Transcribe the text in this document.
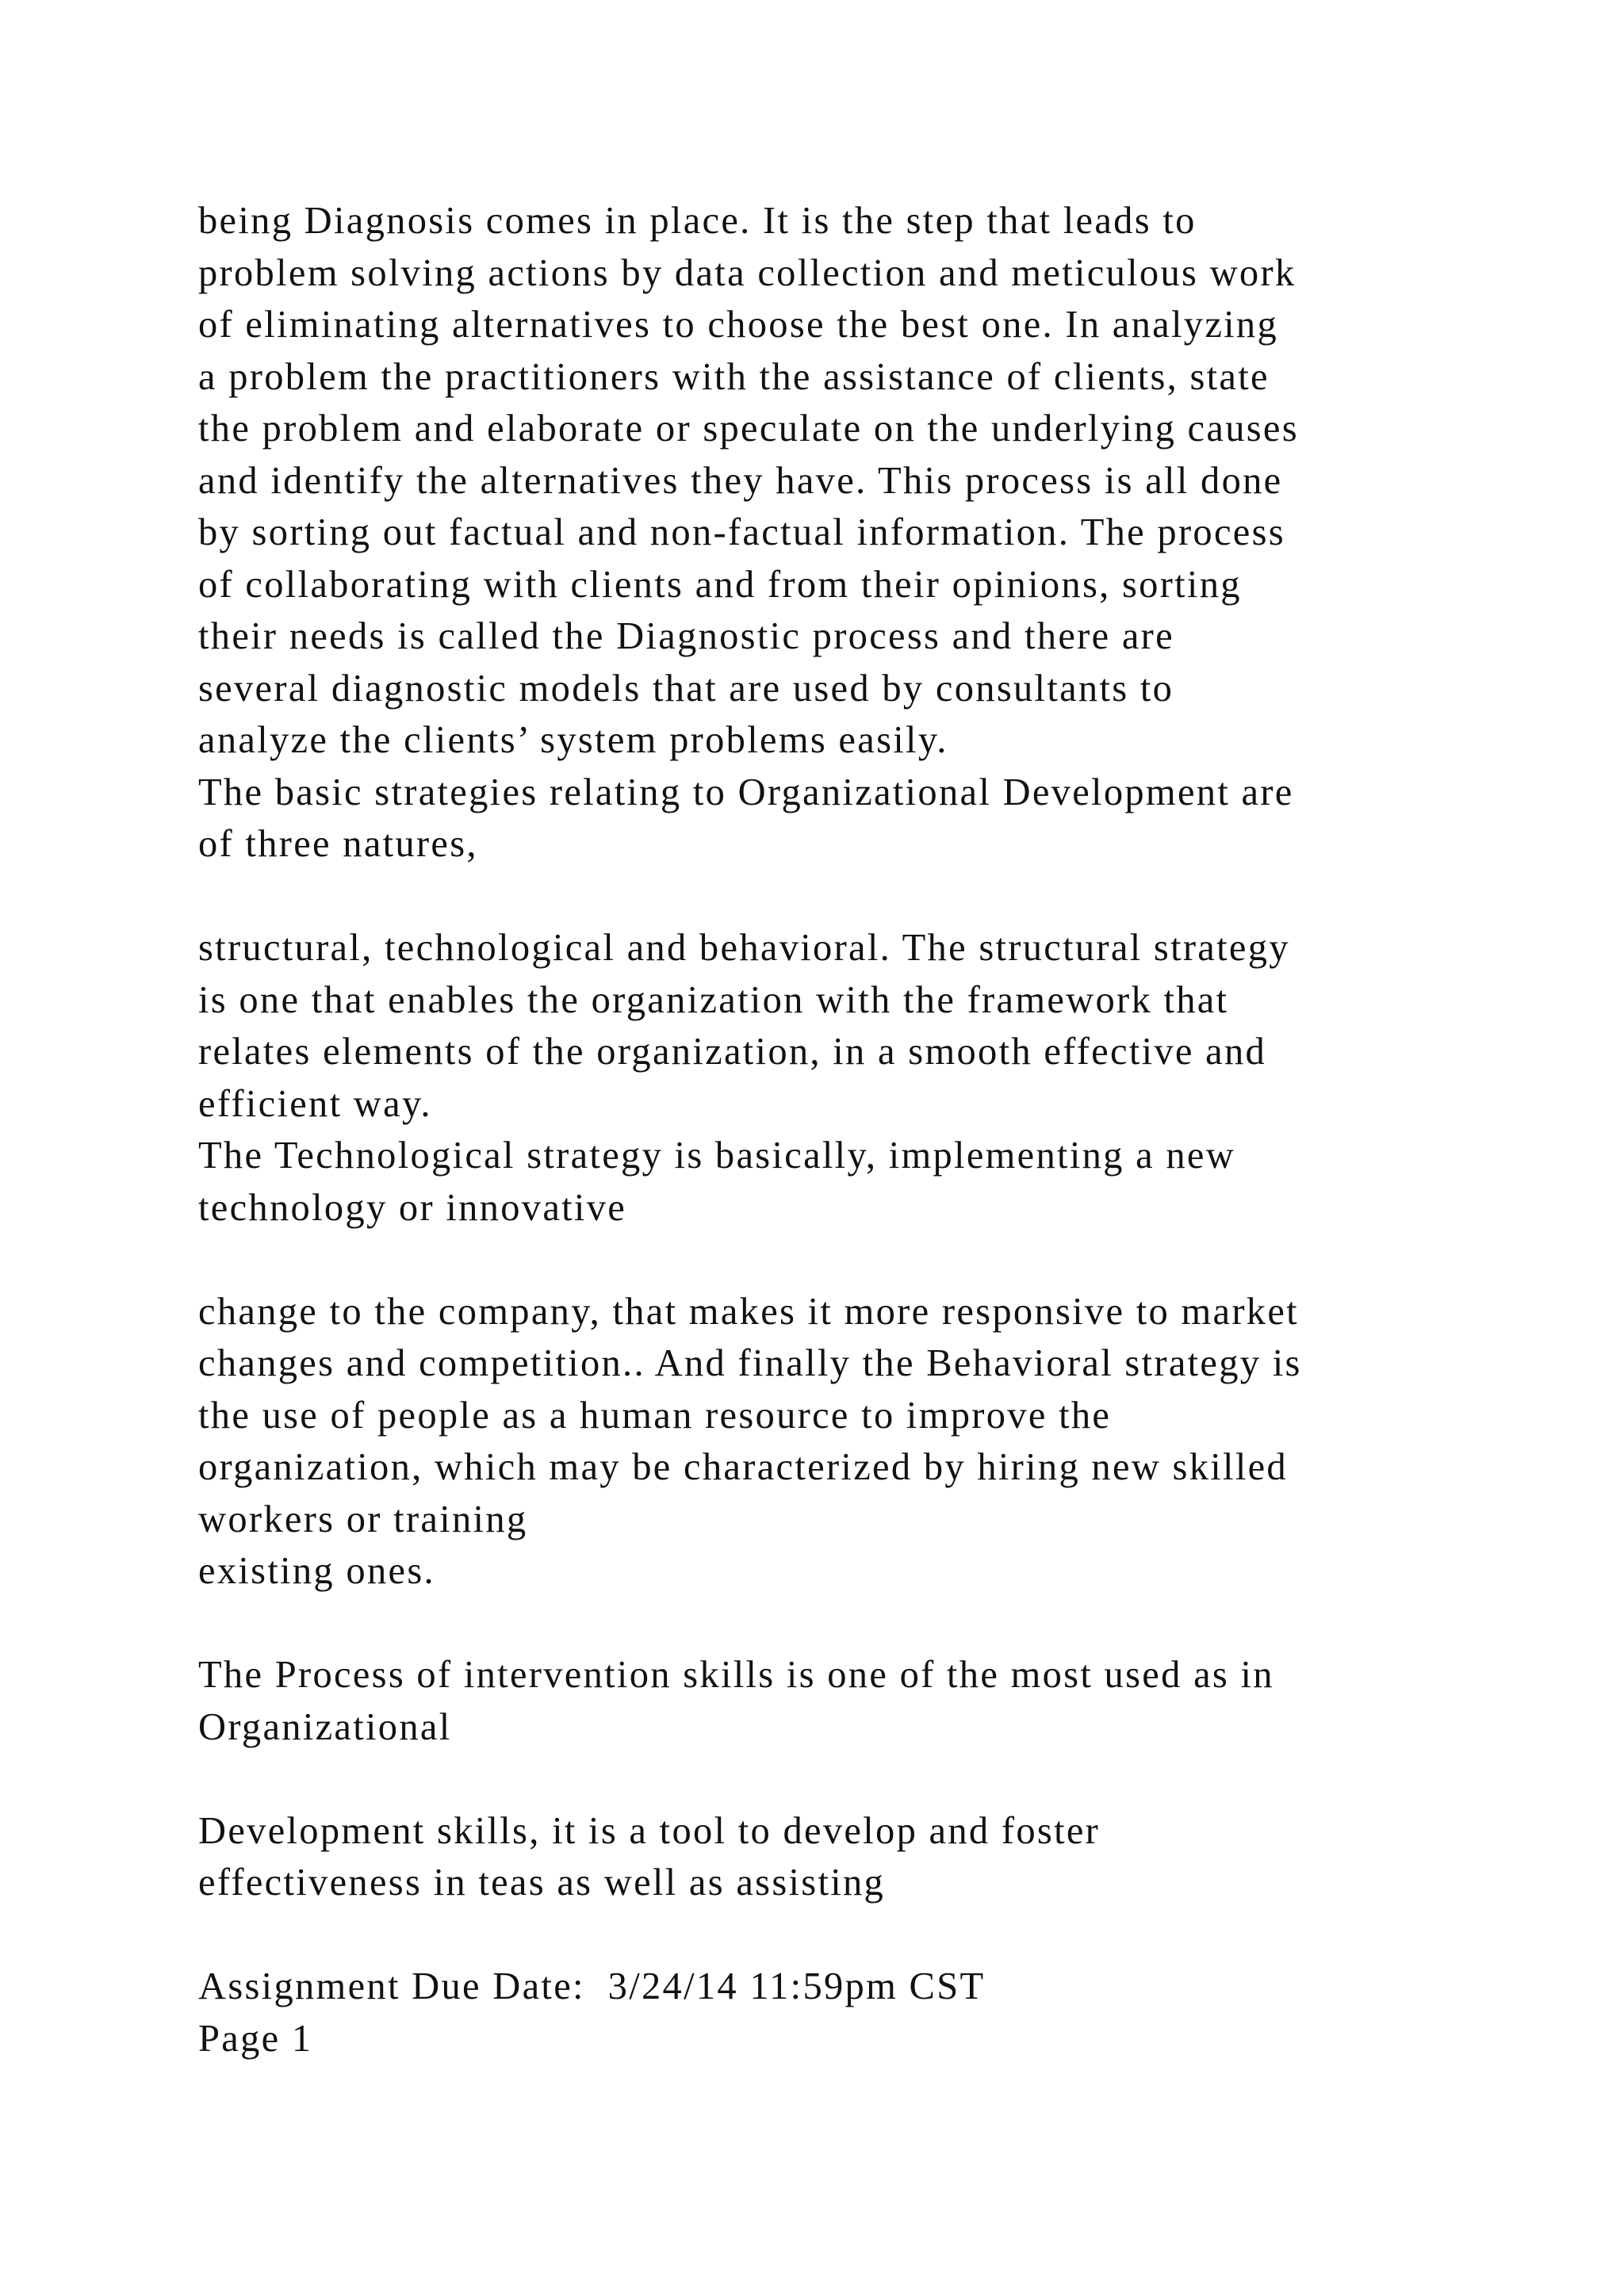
being Diagnosis comes in place. It is the step that leads to
problem solving actions by data collection and meticulous work
of eliminating alternatives to choose the best one. In analyzing
a problem the practitioners with the assistance of clients, state
the problem and elaborate or speculate on the underlying causes
and identify the alternatives they have. This process is all done
by sorting out factual and non-factual information. The process
of collaborating with clients and from their opinions, sorting
their needs is called the Diagnostic process and there are
several diagnostic models that are used by consultants to
analyze the clients’ system problems easily.
The basic strategies relating to Organizational Development are
of three natures,
structural, technological and behavioral. The structural strategy
is one that enables the organization with the framework that
relates elements of the organization, in a smooth effective and
efficient way.
The Technological strategy is basically, implementing a new
technology or innovative
change to the company, that makes it more responsive to market
changes and competition.. And finally the Behavioral strategy is
the use of people as a human resource to improve the
organization, which may be characterized by hiring new skilled
workers or training
existing ones.
The Process of intervention skills is one of the most used as in
Organizational
Development skills, it is a tool to develop and foster
effectiveness in teas as well as assisting
Assignment Due Date:  3/24/14 11:59pm CST
Page 1
